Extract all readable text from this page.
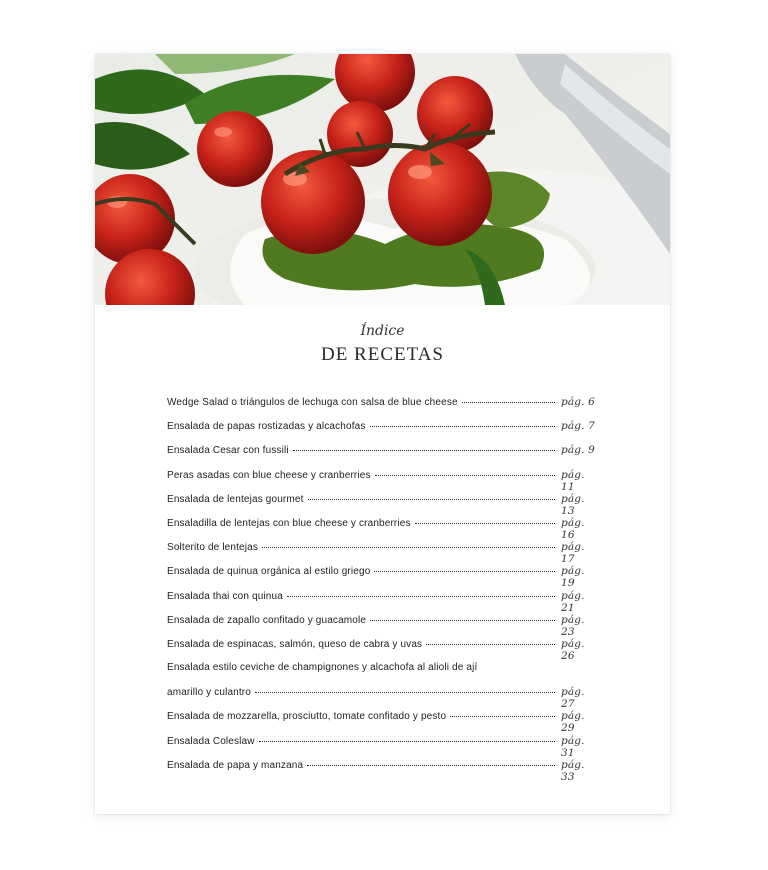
Índice
DE RECETAS
Wedge Salad o triángulos de lechuga con salsa de blue cheese	pág. 6
Ensalada de papas rostizadas y alcachofas	pág. 7
Ensalada Cesar con fussili	pág. 9
Peras asadas con blue cheese y cranberries	pág. 11
Ensalada de lentejas gourmet	pág. 13
Ensaladilla de lentejas con blue cheese y cranberries	pág. 16
Solterito de lentejas	pág. 17
Ensalada de quinua orgánica al estilo griego	pág. 19
Ensalada thai con quinua	pág. 21
Ensalada de zapallo confitado y guacamole	pág. 23
Ensalada de espinacas, salmón, queso de cabra y uvas	pág. 26
Ensalada estilo ceviche de champignones y alcachofa al alioli de ají
amarillo y culantro	pág. 27
Ensalada de mozzarella, prosciutto, tomate confitado y pesto	pág. 29
Ensalada Coleslaw	pág. 31
Ensalada de papa y manzana	pág. 33
